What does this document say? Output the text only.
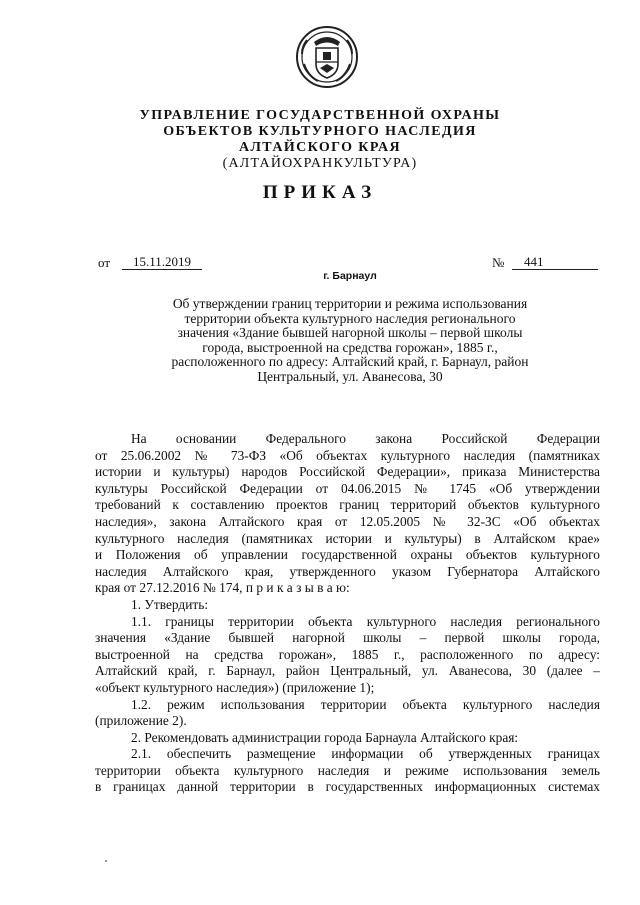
УПРАВЛЕНИЕ ГОСУДАРСТВЕННОЙ ОХРАНЫ
ОБЪЕКТОВ КУЛЬТУРНОГО НАСЛЕДИЯ
АЛТАЙСКОГО КРАЯ
(АЛТАЙОХРАНКУЛЬТУРА)
ПРИКАЗ
от	15.11.2019	№	441
г. Барнаул
Об утверждении границ территории и режима использования
территории объекта культурного наследия регионального
значения «Здание бывшей нагорной школы – первой школы
города, выстроенной на средства горожан», 1885 г.,
расположенного по адресу: Алтайский край, г. Барнаул, район
Центральный, ул. Аванесова, 30
На основании Федерального закона Российской Федерации
от 25.06.2002 № 73-ФЗ «Об объектах культурного наследия (памятниках
истории и культуры) народов Российской Федерации», приказа Министерства
культуры Российской Федерации от 04.06.2015 № 1745 «Об утверждении
требований к составлению проектов границ территорий объектов культурного
наследия», закона Алтайского края от 12.05.2005 № 32-ЗС «Об объектах
культурного наследия (памятниках истории и культуры) в Алтайском крае»
и Положения об управлении государственной охраны объектов культурного
наследия Алтайского края, утвержденного указом Губернатора Алтайского
края от 27.12.2016 № 174, п р и к а з ы в а ю:
1. Утвердить:
1.1. границы территории объекта культурного наследия регионального
значения «Здание бывшей нагорной школы – первой школы города,
выстроенной на средства горожан», 1885 г., расположенного по адресу:
Алтайский край, г. Барнаул, район Центральный, ул. Аванесова, 30 (далее –
«объект культурного наследия») (приложение 1);
1.2. режим использования территории объекта культурного наследия
(приложение 2).
2. Рекомендовать администрации города Барнаула Алтайского края:
2.1. обеспечить размещение информации об утвержденных границах
территории объекта культурного наследия и режиме использования земель
в границах данной территории в государственных информационных системах
